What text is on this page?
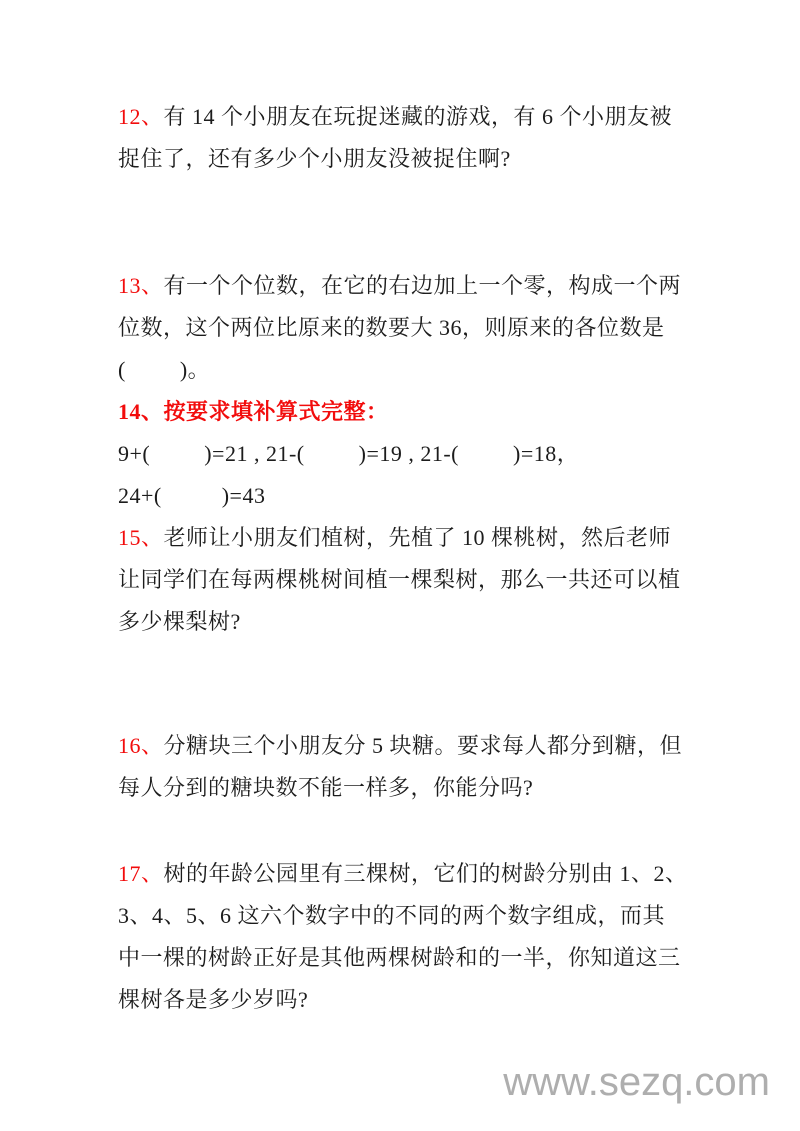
12、有 14 个小朋友在玩捉迷藏的游戏，有 6 个小朋友被
捉住了，还有多少个小朋友没被捉住啊?
13、有一个个位数，在它的右边加上一个零，构成一个两
位数，这个两位比原来的数要大 36，则原来的各位数是
(         )。
14、按要求填补算式完整：
9+(         )=21 , 21-(         )=19 , 21-(         )=18，
24+(          )=43
15、老师让小朋友们植树，先植了 10 棵桃树，然后老师
让同学们在每两棵桃树间植一棵梨树，那么一共还可以植
多少棵梨树?
16、分糖块三个小朋友分 5 块糖。要求每人都分到糖，但
每人分到的糖块数不能一样多，你能分吗?
17、树的年龄公园里有三棵树，它们的树龄分别由 1、2、
3、4、5、6 这六个数字中的不同的两个数字组成，而其
中一棵的树龄正好是其他两棵树龄和的一半，你知道这三
棵树各是多少岁吗?
www.sezq.com
